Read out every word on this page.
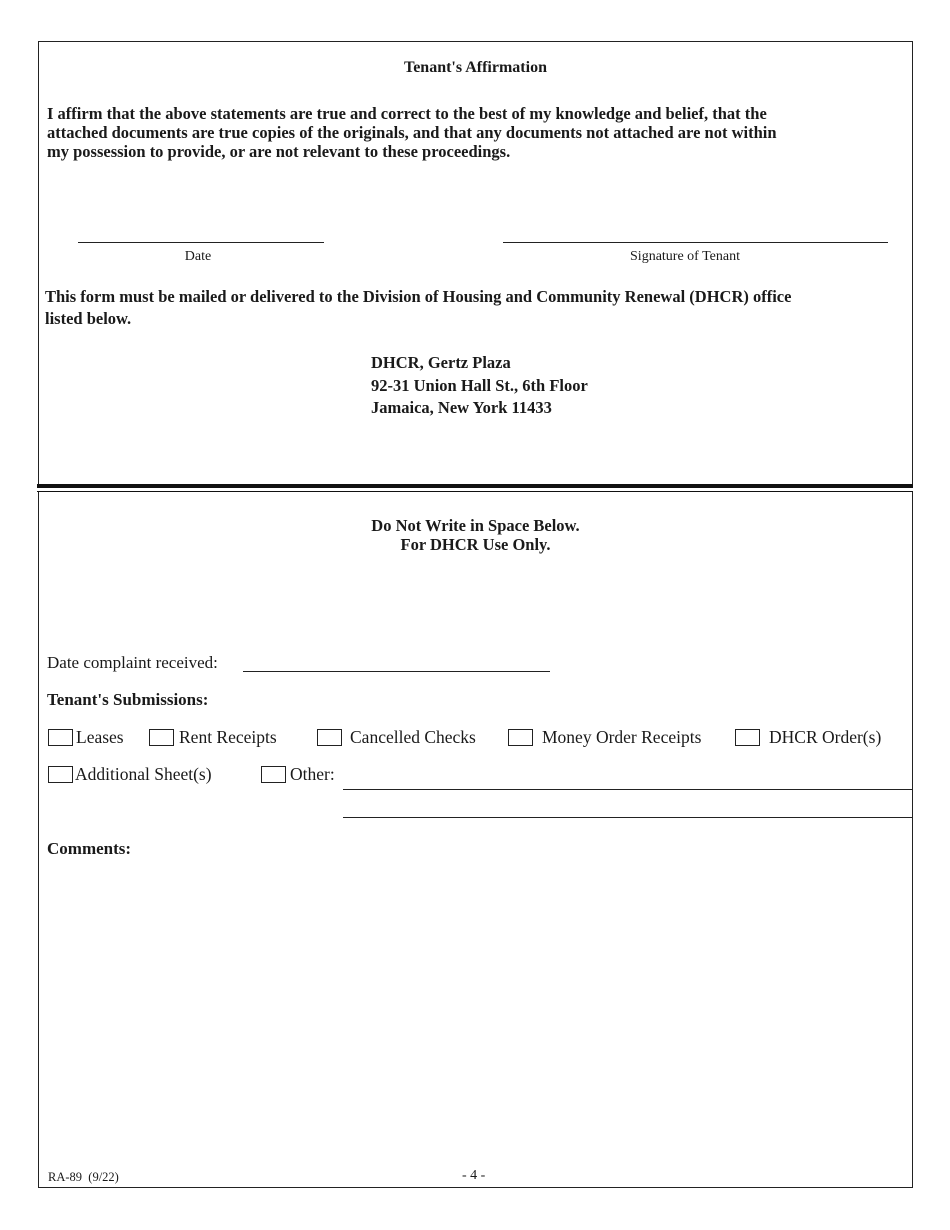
Tenant's Affirmation
I affirm that the above statements are true and correct to the best of my knowledge and belief, that the
attached documents are true copies of the originals, and that any documents not attached are not within
my possession to provide, or are not relevant to these proceedings.
Date	Signature of Tenant
This form must be mailed or delivered to the Division of Housing and Community Renewal (DHCR) office
listed below.
DHCR, Gertz Plaza
92-31 Union Hall St., 6th Floor
Jamaica, New York 11433
Do Not Write in Space Below.
For DHCR Use Only.
Date complaint received:
Tenant's Submissions:
Leases	Rent Receipts	Cancelled Checks	Money Order Receipts	DHCR Order(s)
Additional Sheet(s)	Other:
Comments:
RA-89  (9/22)	- 4 -
